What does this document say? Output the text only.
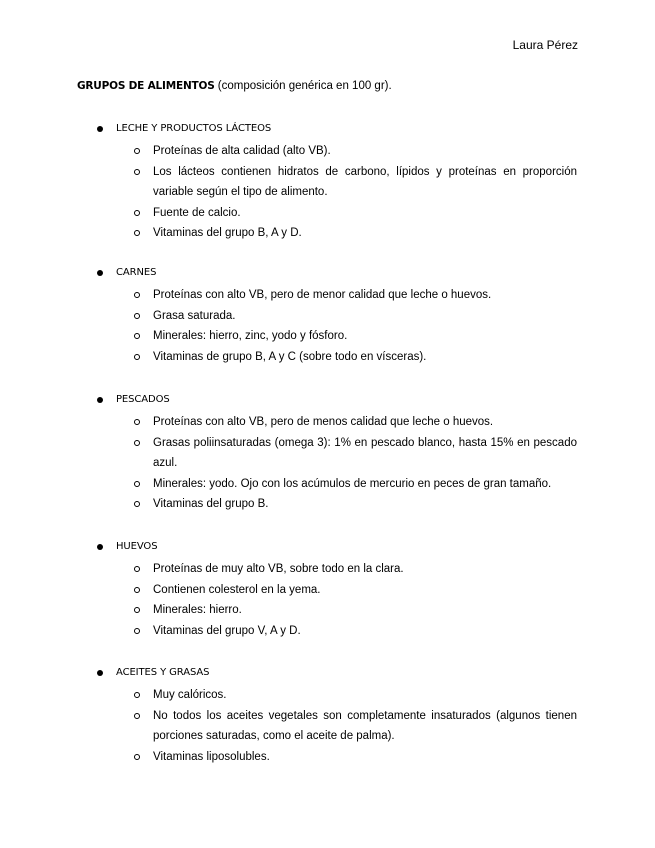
Laura Pérez
GRUPOS DE ALIMENTOS (composición genérica en 100 gr).
LECHE Y PRODUCTOS LÁCTEOS
Proteínas de alta calidad (alto VB).
Los lácteos contienen hidratos de carbono, lípidos y proteínas en proporción variable según el tipo de alimento.
Fuente de calcio.
Vitaminas del grupo B, A y D.
CARNES
Proteínas con alto VB, pero de menor calidad que leche o huevos.
Grasa saturada.
Minerales: hierro, zinc, yodo y fósforo.
Vitaminas de grupo B, A y C (sobre todo en vísceras).
PESCADOS
Proteínas con alto VB, pero de menos calidad que leche o huevos.
Grasas poliinsaturadas (omega 3): 1% en pescado blanco, hasta 15% en pescado azul.
Minerales: yodo. Ojo con los acúmulos de mercurio en peces de gran tamaño.
Vitaminas del grupo B.
HUEVOS
Proteínas de muy alto VB, sobre todo en la clara.
Contienen colesterol en la yema.
Minerales: hierro.
Vitaminas del grupo V, A y D.
ACEITES Y GRASAS
Muy calóricos.
No todos los aceites vegetales son completamente insaturados (algunos tienen porciones saturadas, como el aceite de palma).
Vitaminas liposolubles.
